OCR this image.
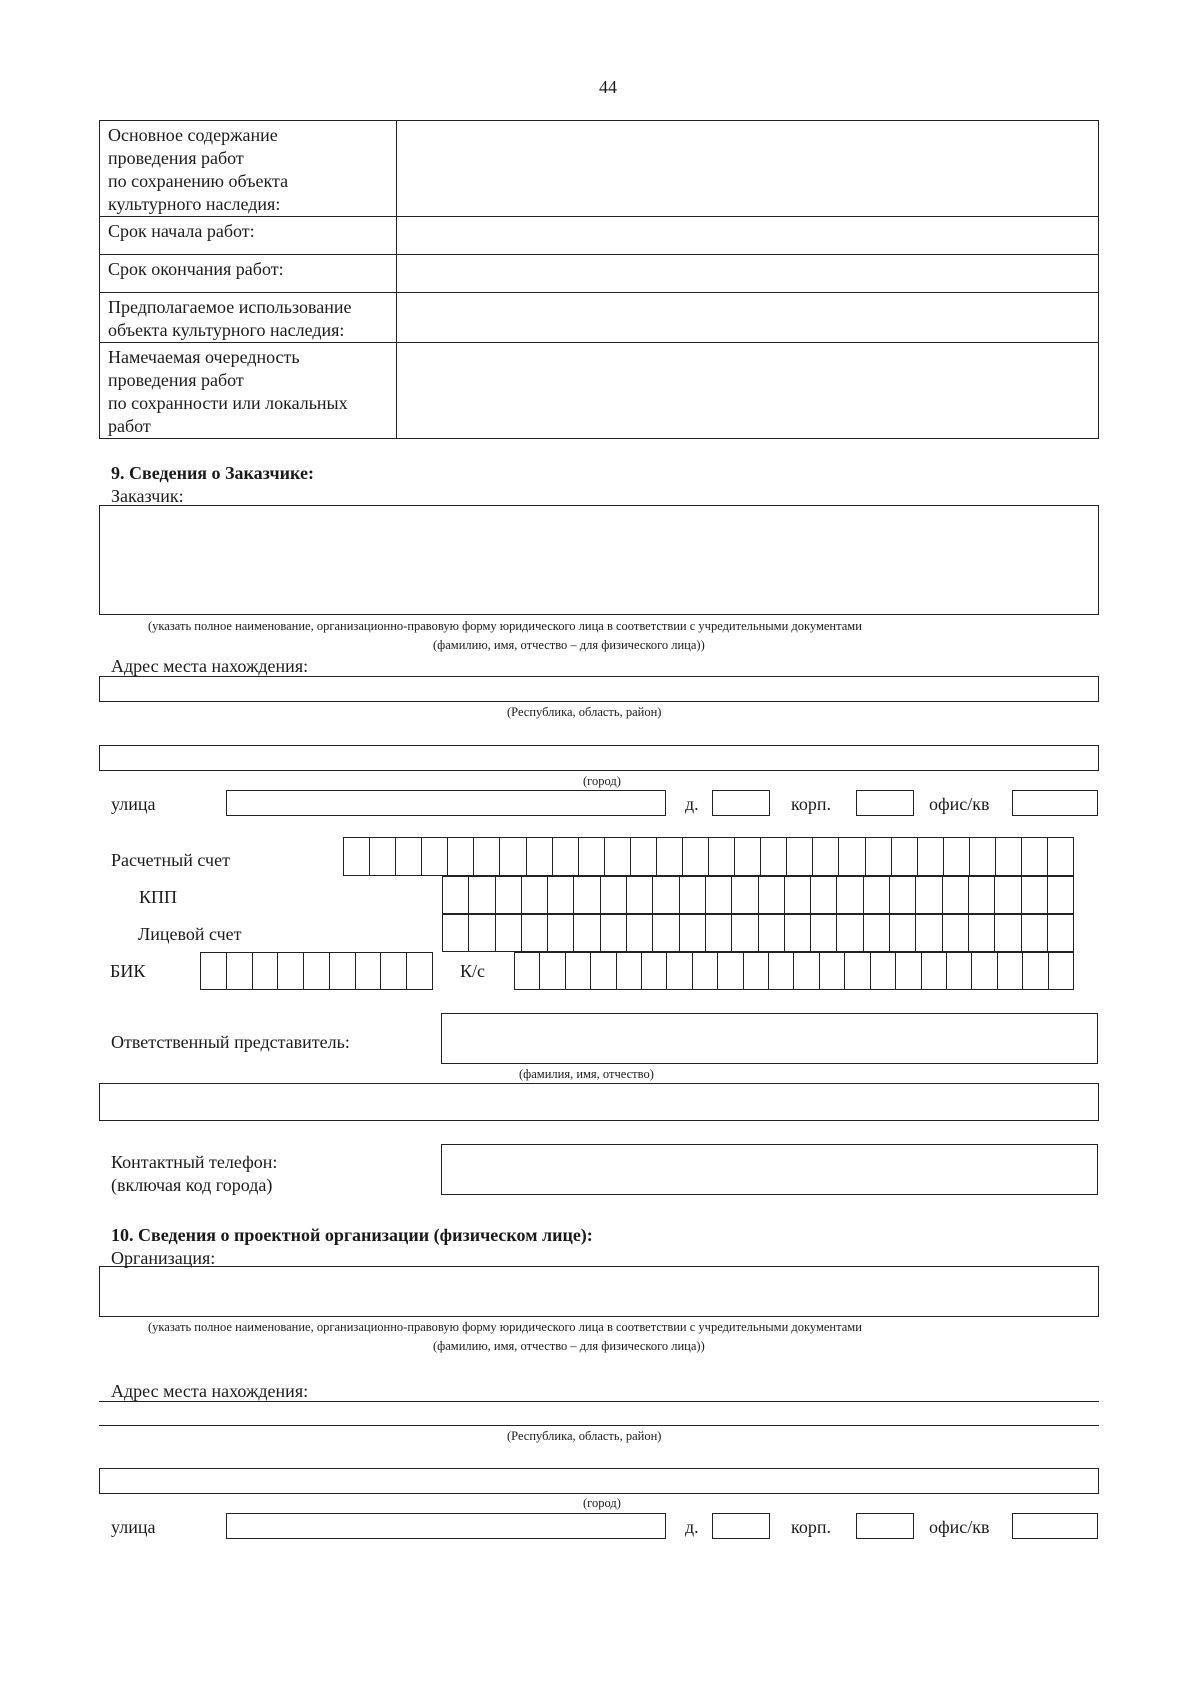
44
Основное содержание
проведения работ
по сохранению объекта
культурного наследия:	

Срок начала работ:	

Срок окончания работ:	

Предполагаемое использование
объекта культурного наследия:	

Намечаемая очередность
проведения работ
по сохранности или локальных
работ	

9. Сведения о Заказчике:
Заказчик:
(указать полное наименование, организационно-правовую форму юридического лица в соответствии с учредительными документами
(фамилию, имя, отчество – для физического лица))
Адрес места нахождения:
(Республика, область, район)
(город)
улица	д.	корп.	офис/кв
Расчетный счет
КПП
Лицевой счет
БИК	К/с
Ответственный представитель:
(фамилия, имя, отчество)
Контактный телефон:
(включая код города)
10. Сведения о проектной организации (физическом лице):
Организация:
(указать полное наименование, организационно-правовую форму юридического лица в соответствии с учредительными документами
(фамилию, имя, отчество – для физического лица))
Адрес места нахождения:
(Республика, область, район)
(город)
улица	д.	корп.	офис/кв
